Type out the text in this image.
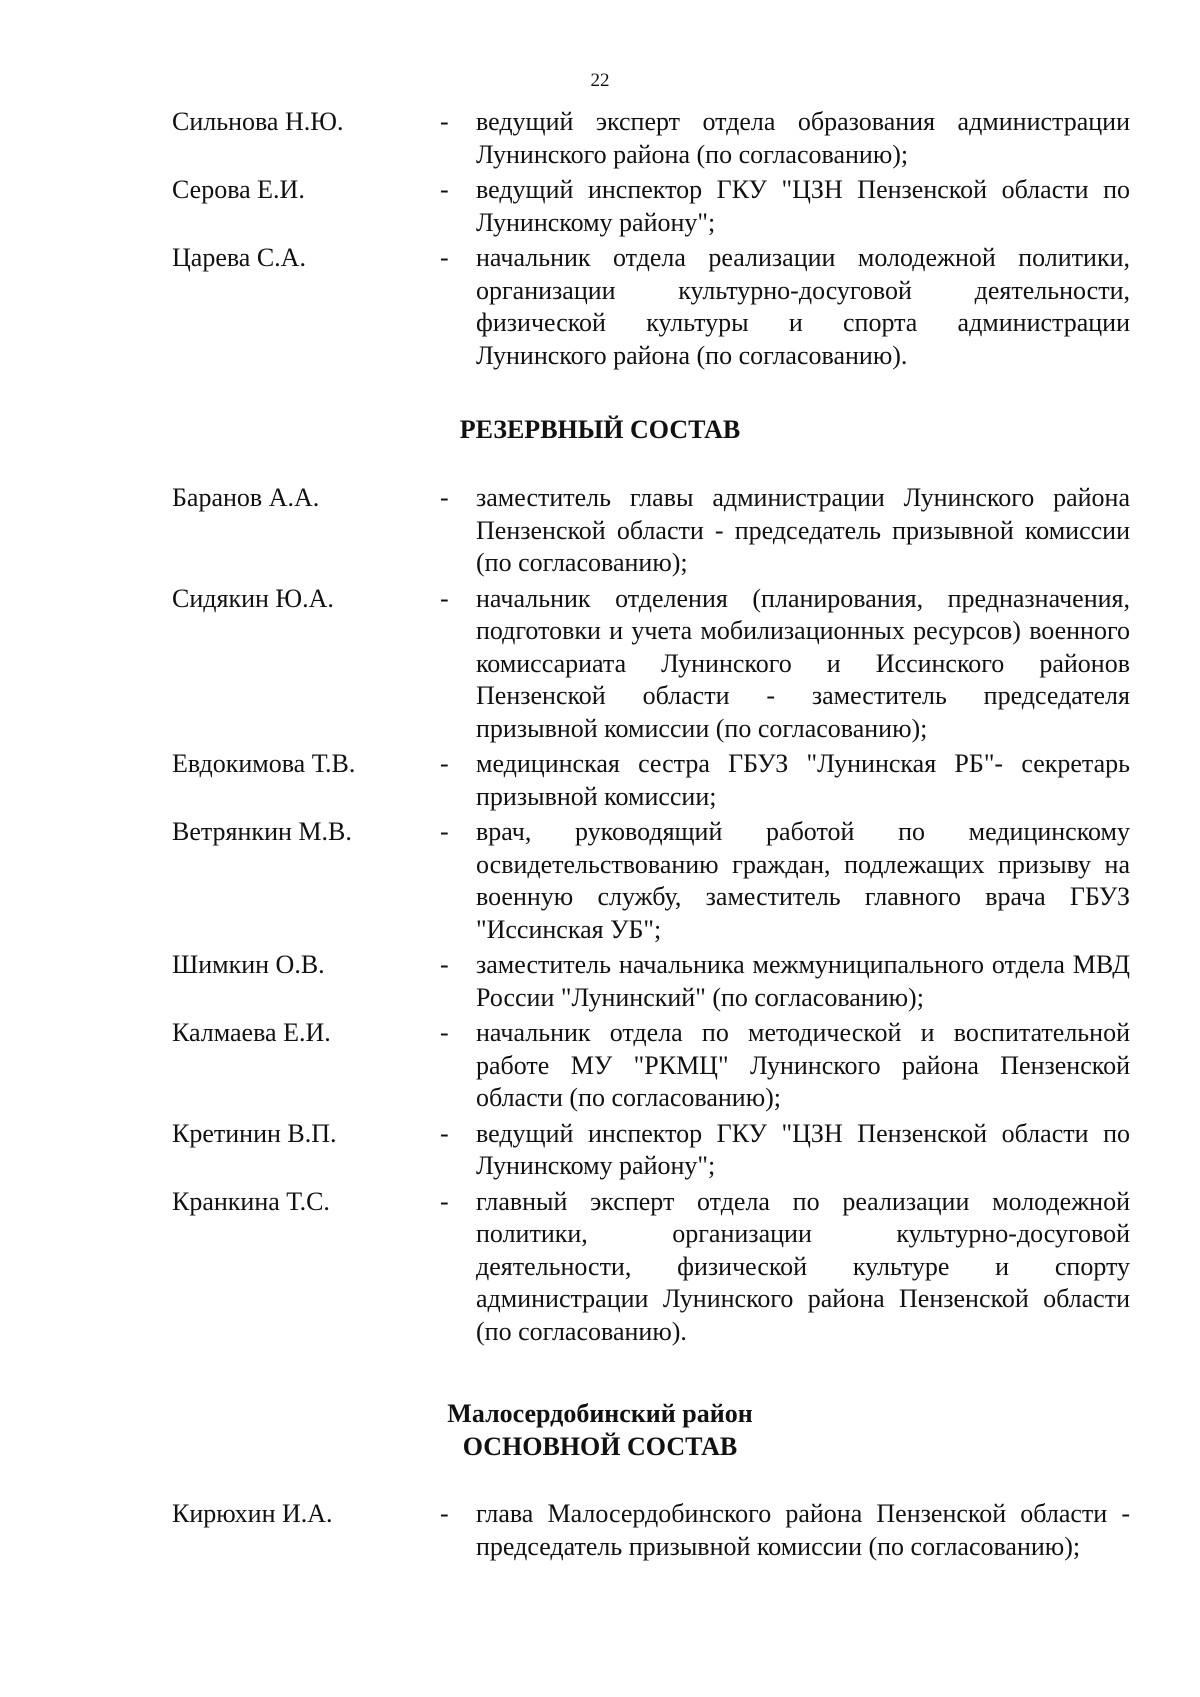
22
Сильнова Н.Ю.	-	ведущий эксперт отдела образования администрации Лунинского района (по согласованию);
Серова Е.И.	-	ведущий инспектор ГКУ "ЦЗН Пензенской области по Лунинскому району";
Царева С.А.	-	начальник отдела реализации молодежной политики, организации культурно-досуговой деятельности, физической культуры и спорта администрации Лунинского района (по согласованию).
РЕЗЕРВНЫЙ СОСТАВ
Баранов А.А.	-	заместитель главы администрации Лунинского района Пензенской области - председатель призывной комиссии (по согласованию);
Сидякин Ю.А.	-	начальник отделения (планирования, предназначения, подготовки и учета мобилизационных ресурсов) военного комиссариата Лунинского и Иссинского районов Пензенской области - заместитель председателя призывной комиссии (по согласованию);
Евдокимова Т.В.	-	медицинская сестра ГБУЗ "Лунинская РБ"- секретарь призывной комиссии;
Ветрянкин М.В.	-	врач, руководящий работой по медицинскому освидетельствованию граждан, подлежащих призыву на военную службу, заместитель главного врача ГБУЗ "Иссинская УБ";
Шимкин О.В.	-	заместитель начальника межмуниципального отдела МВД России "Лунинский" (по согласованию);
Калмаева Е.И.	-	начальник отдела по методической и воспитательной работе МУ "РКМЦ" Лунинского района Пензенской области (по согласованию);
Кретинин В.П.	-	ведущий инспектор ГКУ "ЦЗН Пензенской области по Лунинскому району";
Кранкина Т.С.	-	главный эксперт отдела по реализации молодежной политики, организации культурно-досуговой деятельности, физической культуре и спорту администрации Лунинского района Пензенской области (по согласованию).
Малосердобинский район
ОСНОВНОЙ СОСТАВ
Кирюхин И.А.	-	глава Малосердобинского района Пензенской области - председатель призывной комиссии (по согласованию);
